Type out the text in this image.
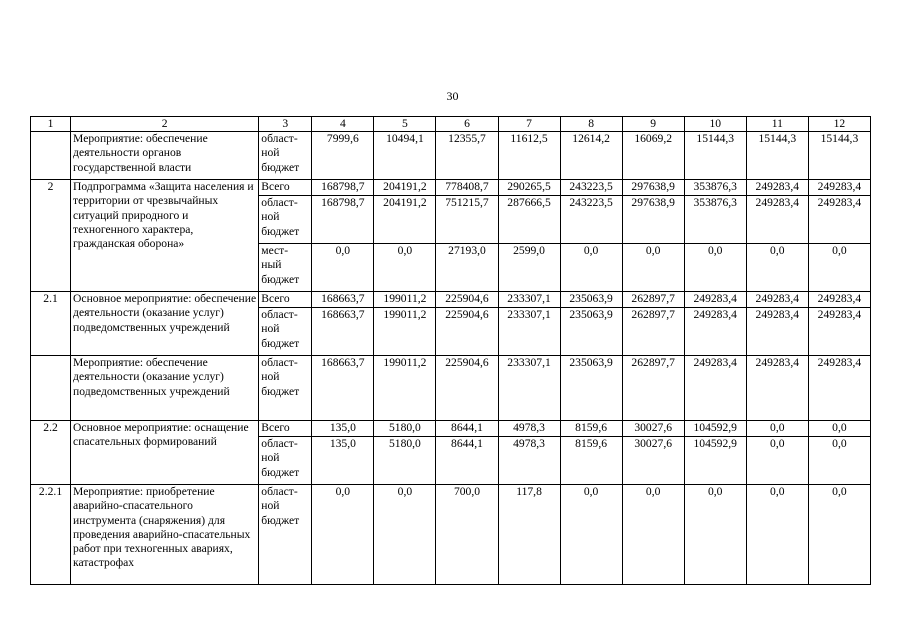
30
1	2	3	4	5	6	7	8	9	10	11	12
	Мероприятие: обеспечение деятельности органов государственной власти	област-
ной
бюджет	7999,6	10494,1	12355,7	11612,5	12614,2	16069,2	15144,3	15144,3	15144,3
2	Подпрограмма «Защита населения и территории от чрезвычайных ситуаций природного и техногенного характера, гражданская оборона»	Всего	168798,7	204191,2	778408,7	290265,5	243223,5	297638,9	353876,3	249283,4	249283,4
		област-
ной
бюджет	168798,7	204191,2	751215,7	287666,5	243223,5	297638,9	353876,3	249283,4	249283,4
		мест-
ный
бюджет	0,0	0,0	27193,0	2599,0	0,0	0,0	0,0	0,0	0,0
2.1	Основное мероприятие: обеспечение деятельности (оказание услуг) подведомственных учреждений	Всего	168663,7	199011,2	225904,6	233307,1	235063,9	262897,7	249283,4	249283,4	249283,4
		област-
ной
бюджет	168663,7	199011,2	225904,6	233307,1	235063,9	262897,7	249283,4	249283,4	249283,4
	Мероприятие: обеспечение деятельности (оказание услуг) подведомственных учреждений	област-
ной
бюджет	168663,7	199011,2	225904,6	233307,1	235063,9	262897,7	249283,4	249283,4	249283,4
2.2	Основное мероприятие: оснащение спасательных формирований	Всего	135,0	5180,0	8644,1	4978,3	8159,6	30027,6	104592,9	0,0	0,0
		област-
ной
бюджет	135,0	5180,0	8644,1	4978,3	8159,6	30027,6	104592,9	0,0	0,0
2.2.1	Мероприятие: приобретение аварийно-спасательного инструмента (снаряжения) для проведения аварийно-спасательных работ при техногенных авариях, катастрофах	област-
ной
бюджет	0,0	0,0	700,0	117,8	0,0	0,0	0,0	0,0	0,0
